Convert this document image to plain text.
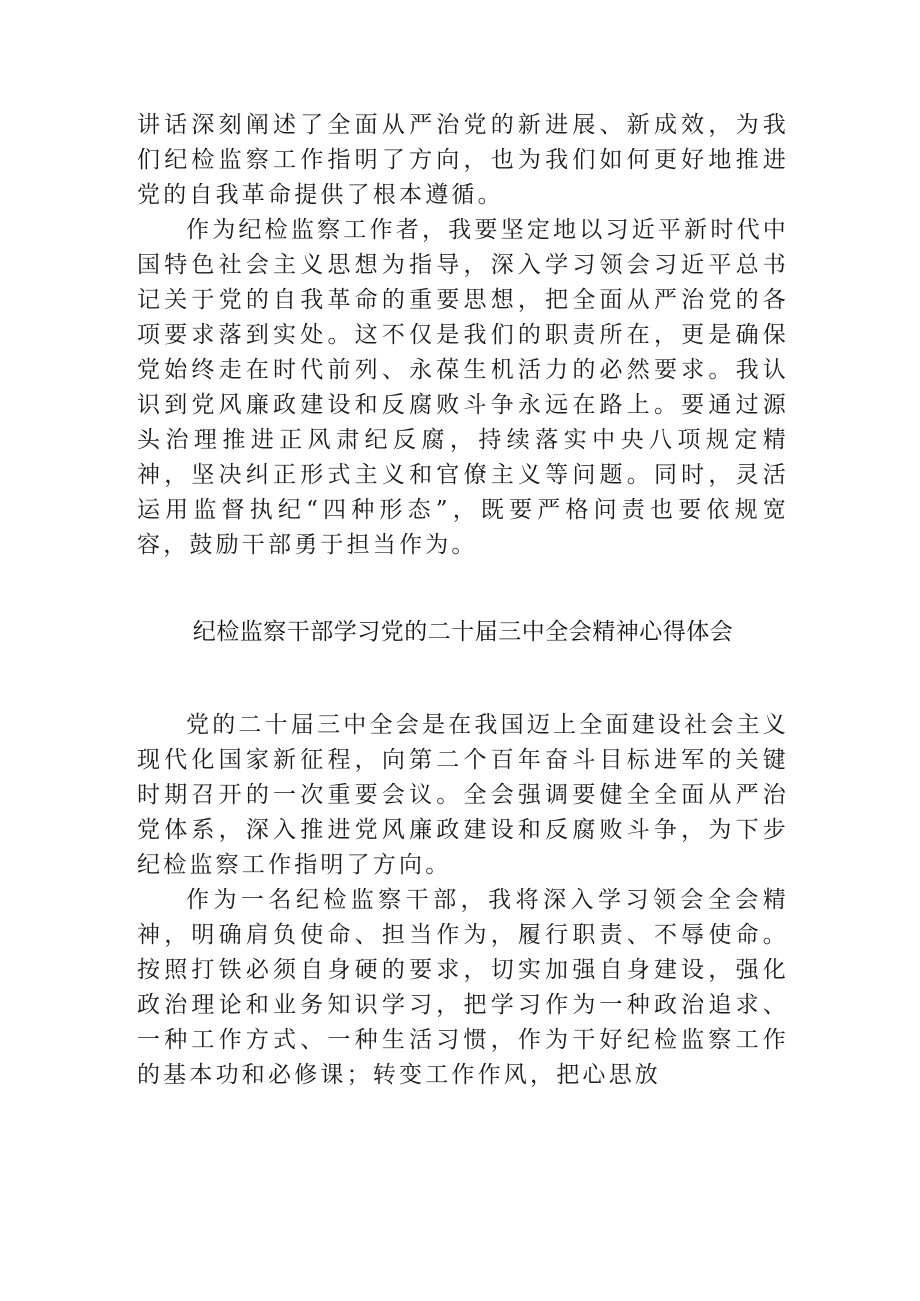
讲话深刻阐述了全面从严治党的新进展、新成效，为我们纪检监察工作指明了方向，也为我们如何更好地推进党的自我革命提供了根本遵循。

作为纪检监察工作者，我要坚定地以习近平新时代中国特色社会主义思想为指导，深入学习领会习近平总书记关于党的自我革命的重要思想，把全面从严治党的各项要求落到实处。这不仅是我们的职责所在，更是确保党始终走在时代前列、永葆生机活力的必然要求。我认识到党风廉政建设和反腐败斗争永远在路上。要通过源头治理推进正风肃纪反腐，持续落实中央八项规定精神，坚决纠正形式主义和官僚主义等问题。同时，灵活运用监督执纪“四种形态”，既要严格问责也要依规宽容，鼓励干部勇于担当作为。

纪检监察干部学习党的二十届三中全会精神心得体会

党的二十届三中全会是在我国迈上全面建设社会主义现代化国家新征程，向第二个百年奋斗目标进军的关键时期召开的一次重要会议。全会强调要健全全面从严治党体系，深入推进党风廉政建设和反腐败斗争，为下步纪检监察工作指明了方向。

作为一名纪检监察干部，我将深入学习领会全会精神，明确肩负使命、担当作为，履行职责、不辱使命。按照打铁必须自身硬的要求，切实加强自身建设，强化政治理论和业务知识学习，把学习作为一种政治追求、一种工作方式、一种生活习惯，作为干好纪检监察工作的基本功和必修课；转变工作作风，把心思放
